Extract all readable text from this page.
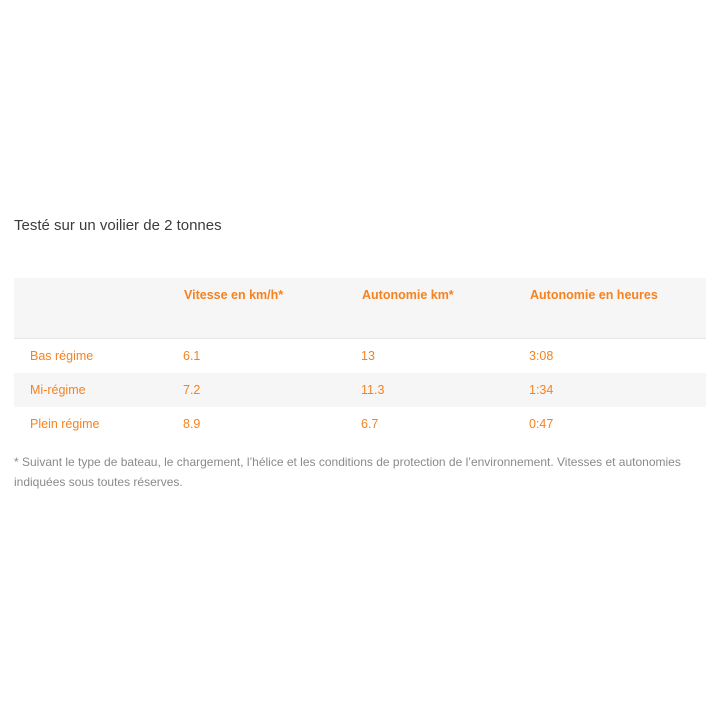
Testé sur un voilier de 2 tonnes

	Vitesse en km/h*	Autonomie km*	Autonomie en heures
Bas régime	6.1	13	3:08
Mi-régime	7.2	11.3	1:34
Plein régime	8.9	6.7	0:47

* Suivant le type de bateau, le chargement, l’hélice et les conditions de protection de l’environnement. Vitesses et autonomies indiquées sous toutes réserves.
